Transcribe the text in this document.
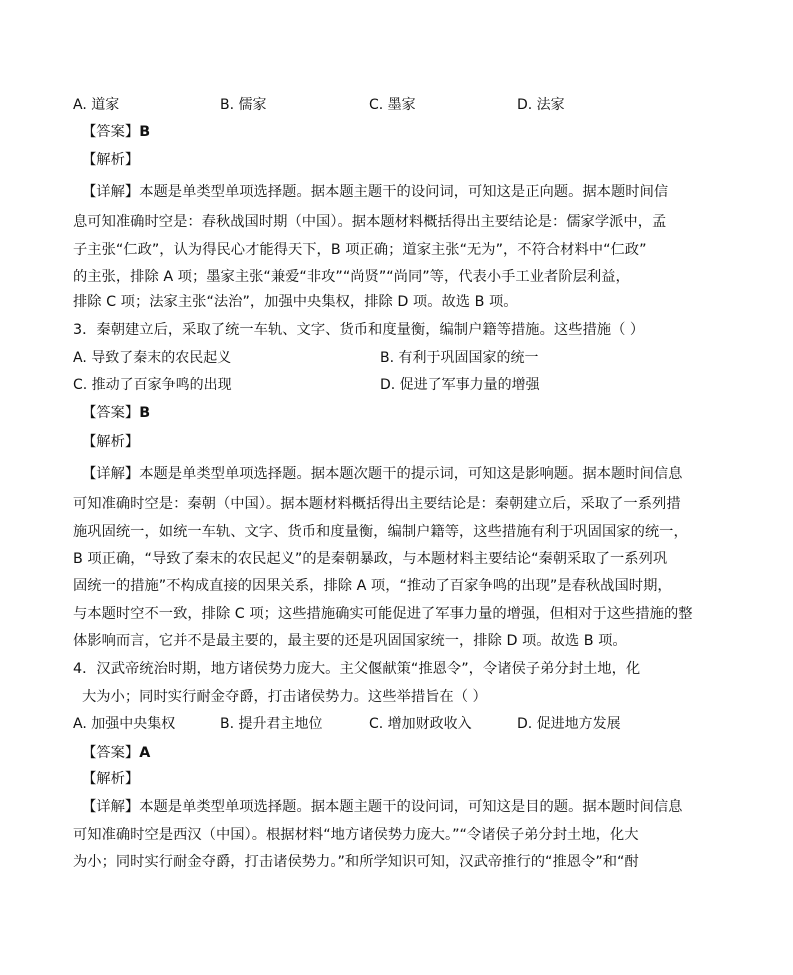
A. 道家	B. 儒家	C. 墨家	D. 法家
【答案】B
【解析】
【详解】本题是单类型单项选择题。据本题主题干的设问词，可知这是正向题。据本题时间信
息可知准确时空是：春秋战国时期（中国）。据本题材料概括得出主要结论是：儒家学派中，孟
子主张“仁政”，认为得民心才能得天下，B 项正确；道家主张“无为”，不符合材料中“仁政”
的主张，排除 A 项；墨家主张“兼爱“非攻”“尚贤”“尚同”等，代表小手工业者阶层利益，
排除 C 项；法家主张“法治”，加强中央集权，排除 D 项。故选 B 项。
3．秦朝建立后，采取了统一车轨、文字、货币和度量衡，编制户籍等措施。这些措施（ ）
A. 导致了秦末的农民起义	B. 有利于巩固国家的统一
C. 推动了百家争鸣的出现	D. 促进了军事力量的增强
【答案】B
【解析】
【详解】本题是单类型单项选择题。据本题次题干的提示词，可知这是影响题。据本题时间信息
可知准确时空是：秦朝（中国）。据本题材料概括得出主要结论是：秦朝建立后，采取了一系列措
施巩固统一，如统一车轨、文字、货币和度量衡，编制户籍等，这些措施有利于巩固国家的统一，
B 项正确，“导致了秦末的农民起义”的是秦朝暴政，与本题材料主要结论“秦朝采取了一系列巩
固统一的措施”不构成直接的因果关系，排除 A 项，“推动了百家争鸣的出现”是春秋战国时期，
与本题时空不一致，排除 C 项；这些措施确实可能促进了军事力量的增强，但相对于这些措施的整
体影响而言，它并不是最主要的，最主要的还是巩固国家统一，排除 D 项。故选 B 项。
4．汉武帝统治时期，地方诸侯势力庞大。主父偃献策“推恩令”，令诸侯子弟分封土地，化
大为小；同时实行耐金夺爵，打击诸侯势力。这些举措旨在（ ）
A. 加强中央集权	B. 提升君主地位	C. 增加财政收入	D. 促进地方发展
【答案】A
【解析】
【详解】本题是单类型单项选择题。据本题主题干的设问词，可知这是目的题。据本题时间信息
可知准确时空是西汉（中国）。根据材料“地方诸侯势力庞大。”“令诸侯子弟分封土地，化大
为小；同时实行耐金夺爵，打击诸侯势力。”和所学知识可知，汉武帝推行的“推恩令”和“酎
